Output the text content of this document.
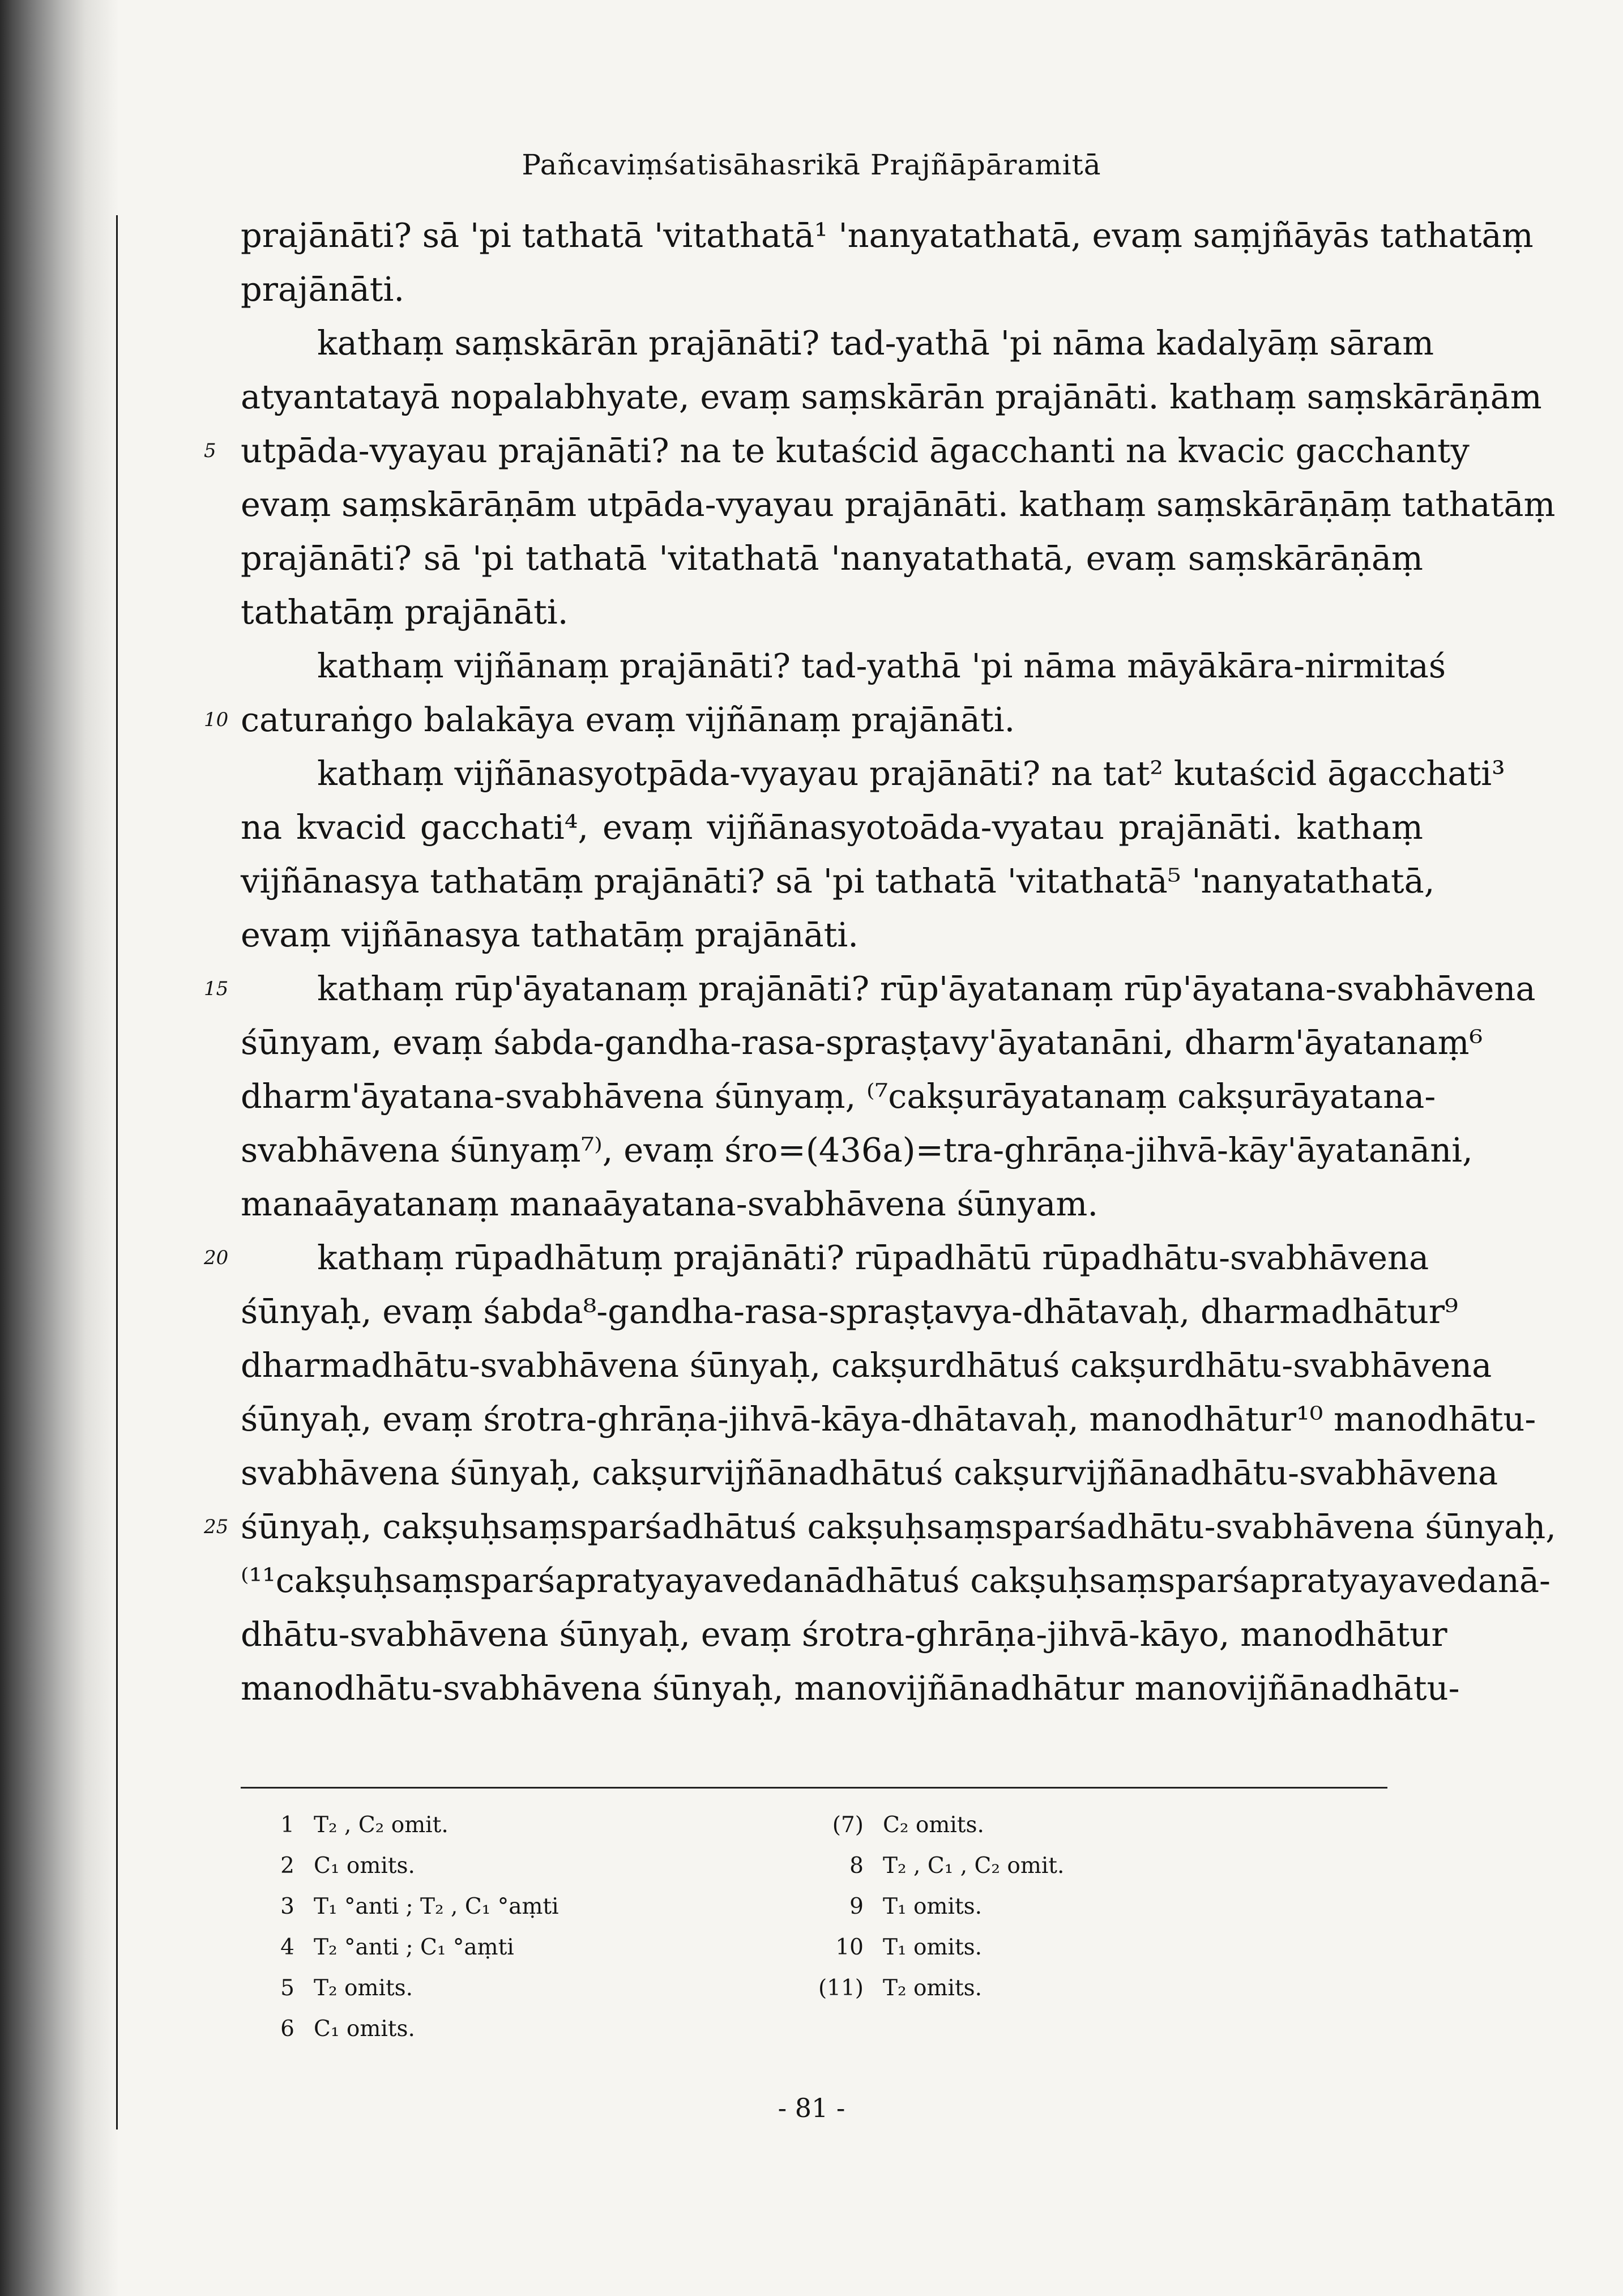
Pañcaviṃśatisāhasrikā Prajñāpāramitā
prajānāti? sā 'pi tathatā 'vitathatā¹ 'nanyatathatā, evaṃ saṃjñāyās tathatāṃ
prajānāti.
kathaṃ saṃskārān prajānāti? tad-yathā 'pi nāma kadalyāṃ sāram
atyantatayā nopalabhyate, evaṃ saṃskārān prajānāti. kathaṃ saṃskārāṇām
5 utpāda-vyayau prajānāti? na te kutaścid āgacchanti na kvacic gacchanty
evaṃ saṃskārāṇām utpāda-vyayau prajānāti. kathaṃ saṃskārāṇāṃ tathatāṃ
prajānāti? sā 'pi tathatā 'vitathatā 'nanyatathatā, evaṃ saṃskārāṇāṃ
tathatāṃ prajānāti.
kathaṃ vijñānaṃ prajānāti? tad-yathā 'pi nāma māyākāra-nirmitaś
10 caturaṅgo balakāya evaṃ vijñānaṃ prajānāti.
kathaṃ vijñānasyotpāda-vyayau prajānāti? na tat² kutaścid āgacchati³
na kvacid gacchati⁴, evaṃ vijñānasyotoāda-vyatau prajānāti. kathaṃ
vijñānasya tathatāṃ prajānāti? sā 'pi tathatā 'vitathatā⁵ 'nanyatathatā,
evaṃ vijñānasya tathatāṃ prajānāti.
15	kathaṃ rūp'āyatanaṃ prajānāti? rūp'āyatanaṃ rūp'āyatana-svabhāvena
śūnyam, evaṃ śabda-gandha-rasa-spraṣṭavy'āyatanāni, dharm'āyatanaṃ⁶
dharm'āyatana-svabhāvena śūnyaṃ, ⁽⁷cakṣurāyatanaṃ cakṣurāyatana-
svabhāvena śūnyaṃ⁷⁾, evaṃ śro=(436a)=tra-ghrāṇa-jihvā-kāy'āyatanāni,
manaāyatanaṃ manaāyatana-svabhāvena śūnyam.
20	kathaṃ rūpadhātuṃ prajānāti? rūpadhātū rūpadhātu-svabhāvena
śūnyaḥ, evaṃ śabda⁸-gandha-rasa-spraṣṭavya-dhātavaḥ, dharmadhātur⁹
dharmadhātu-svabhāvena śūnyaḥ, cakṣurdhātuś cakṣurdhātu-svabhāvena
śūnyaḥ, evaṃ śrotra-ghrāṇa-jihvā-kāya-dhātavaḥ, manodhātur¹⁰ manodhātu-
svabhāvena śūnyaḥ, cakṣurvijñānadhātuś cakṣurvijñānadhātu-svabhāvena
25 śūnyaḥ, cakṣuḥsaṃsparśadhātuś cakṣuḥsaṃsparśadhātu-svabhāvena śūnyaḥ,
⁽¹¹cakṣuḥsaṃsparśapratyayavedanādhātuś cakṣuḥsaṃsparśapratyayavedanā-
dhātu-svabhāvena śūnyaḥ, evaṃ śrotra-ghrāṇa-jihvā-kāyo, manodhātur
manodhātu-svabhāvena śūnyaḥ, manovijñānadhātur manovijñānadhātu-
1 T₂ , C₂ omit.
2 C₁ omits.
3 T₁ °anti ; T₂ , C₁ °aṃti
4 T₂ °anti ; C₁ °aṃti
5 T₂ omits.
6 C₁ omits.
(7) C₂ omits.
8 T₂ , C₁ , C₂ omit.
9 T₁ omits.
10 T₁ omits.
(11) T₂ omits.
- 81 -
